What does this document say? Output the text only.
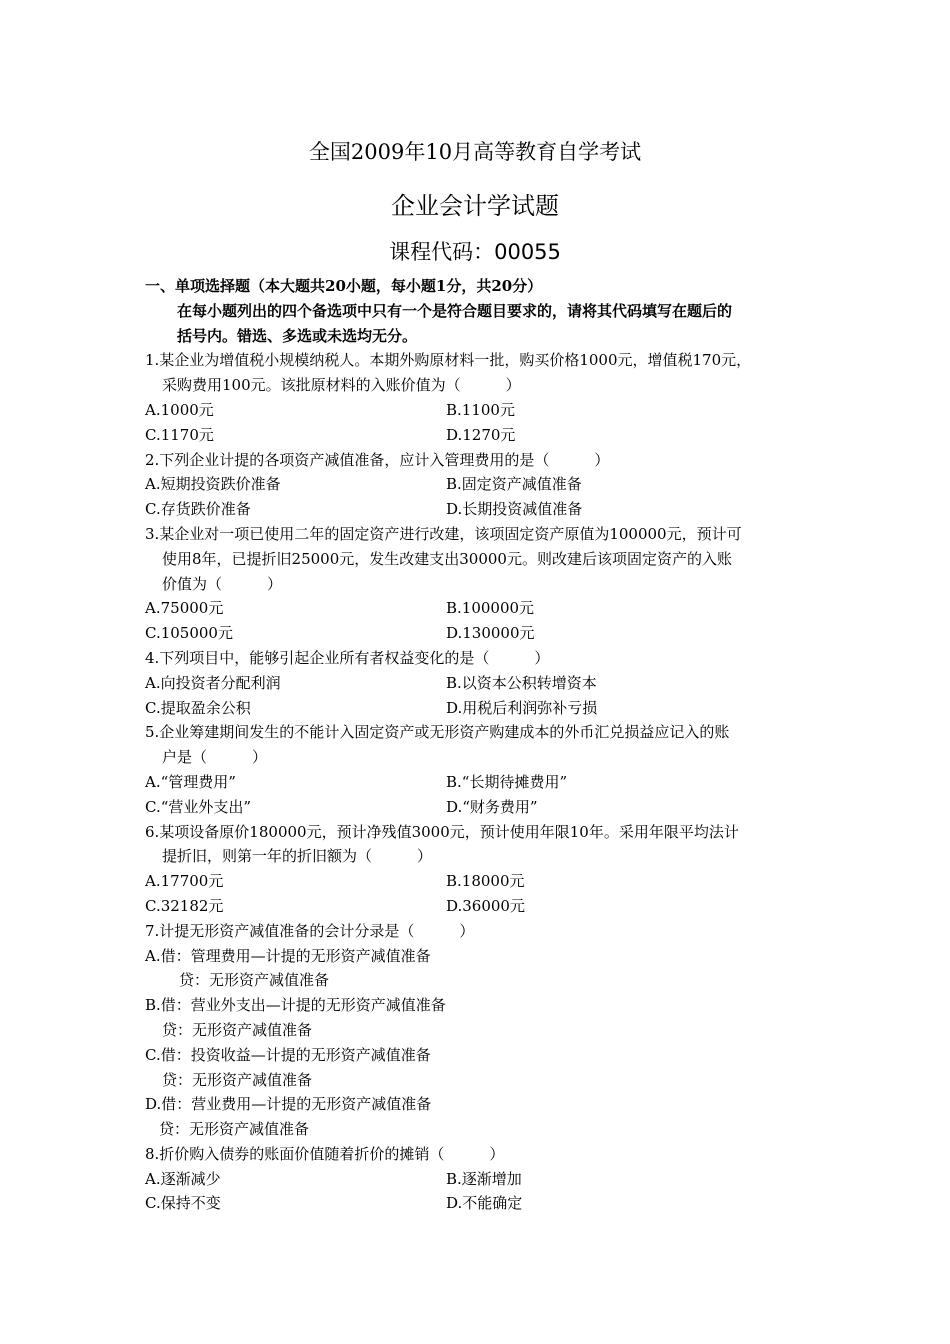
全国2009年10月高等教育自学考试
企业会计学试题
课程代码：00055
一、单项选择题（本大题共20小题，每小题1分，共20分）
在每小题列出的四个备选项中只有一个是符合题目要求的，请将其代码填写在题后的
括号内。错选、多选或未选均无分。
1.某企业为增值税小规模纳税人。本期外购原材料一批，购买价格1000元，增值税170元，
采购费用100元。该批原材料的入账价值为（　　　）
A.1000元	B.1100元
C.1170元	D.1270元
2.下列企业计提的各项资产减值准备，应计入管理费用的是（　　　）
A.短期投资跌价准备	B.固定资产减值准备
C.存货跌价准备	D.长期投资减值准备
3.某企业对一项已使用二年的固定资产进行改建，该项固定资产原值为100000元，预计可
使用8年，已提折旧25000元，发生改建支出30000元。则改建后该项固定资产的入账
价值为（　　　）
A.75000元	B.100000元
C.105000元	D.130000元
4.下列项目中，能够引起企业所有者权益变化的是（　　　）
A.向投资者分配利润	B.以资本公积转增资本
C.提取盈余公积	D.用税后利润弥补亏损
5.企业筹建期间发生的不能计入固定资产或无形资产购建成本的外币汇兑损益应记入的账
户是（　　　）
A.“管理费用”	B.“长期待摊费用”
C.“营业外支出”	D.“财务费用”
6.某项设备原价180000元，预计净残值3000元，预计使用年限10年。采用年限平均法计
提折旧，则第一年的折旧额为（　　　）
A.17700元	B.18000元
C.32182元	D.36000元
7.计提无形资产减值准备的会计分录是（　　　）
A.借：管理费用—计提的无形资产减值准备
贷：无形资产减值准备
B.借：营业外支出—计提的无形资产减值准备
贷：无形资产减值准备
C.借：投资收益—计提的无形资产减值准备
贷：无形资产减值准备
D.借：营业费用—计提的无形资产减值准备
贷：无形资产减值准备
8.折价购入债券的账面价值随着折价的摊销（　　　）
A.逐渐减少	B.逐渐增加
C.保持不变	D.不能确定
